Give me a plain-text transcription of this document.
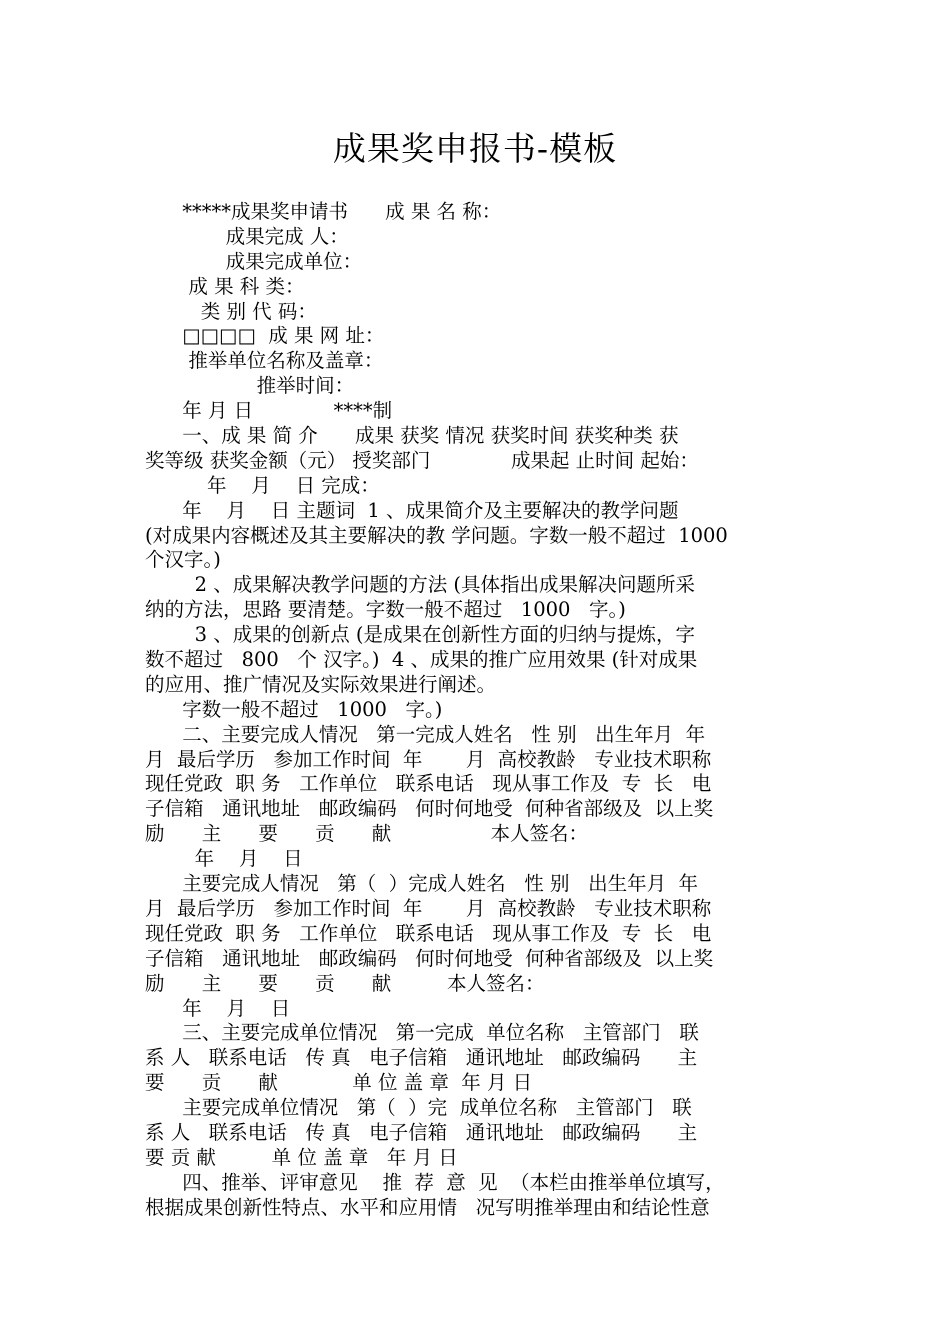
成果奖申报书-模板
*****成果奖申请书      成 果 名 称：
成果完成 人：
成果完成单位：
成 果 科 类：
类 别 代 码：
□□□□  成 果 网 址：
推举单位名称及盖章：
推举时间：
年 月 日             ****制
一、成 果 简 介      成果 获奖 情况 获奖时间 获奖种类 获
奖等级 获奖金额（元） 授奖部门             成果起 止时间 起始：
年    月    日 完成：
年    月    日 主题词  1 、成果简介及主要解决的教学问题
(对成果内容概述及其主要解决的教 学问题。字数一般不超过  1000
个汉字。)
2 、成果解决教学问题的方法 (具体指出成果解决问题所采
纳的方法，思路 要清楚。字数一般不超过   1000   字。)
3 、成果的创新点 (是成果在创新性方面的归纳与提炼，字
数不超过   800   个 汉字。)  4 、成果的推广应用效果 (针对成果
的应用、推广情况及实际效果进行阐述。
字数一般不超过   1000   字。)
二、主要完成人情况   第一完成人姓名   性 别   出生年月  年
月  最后学历   参加工作时间  年       月  高校教龄   专业技术职称
现任党政  职 务   工作单位   联系电话   现从事工作及  专  长   电
子信箱   通讯地址   邮政编码   何时何地受  何种省部级及  以上奖
励      主      要      贡      献                本人签名：
年    月    日
主要完成人情况   第（  ）完成人姓名   性 别   出生年月  年
月  最后学历   参加工作时间  年       月  高校教龄   专业技术职称
现任党政  职 务   工作单位   联系电话   现从事工作及  专  长   电
子信箱   通讯地址   邮政编码   何时何地受  何种省部级及  以上奖
励      主      要      贡      献         本人签名：
年    月    日
三、主要完成单位情况   第一完成  单位名称   主管部门   联
系 人   联系电话   传 真   电子信箱   通讯地址   邮政编码      主
要      贡      献            单 位 盖 章  年 月 日
主要完成单位情况   第（  ）完  成单位名称   主管部门   联
系 人   联系电话   传 真   电子信箱   通讯地址   邮政编码      主
要 贡 献         单 位 盖 章   年 月 日
四、推举、评审意见    推  荐  意  见  （本栏由推举单位填写，
根据成果创新性特点、水平和应用情   况写明推举理由和结论性意
